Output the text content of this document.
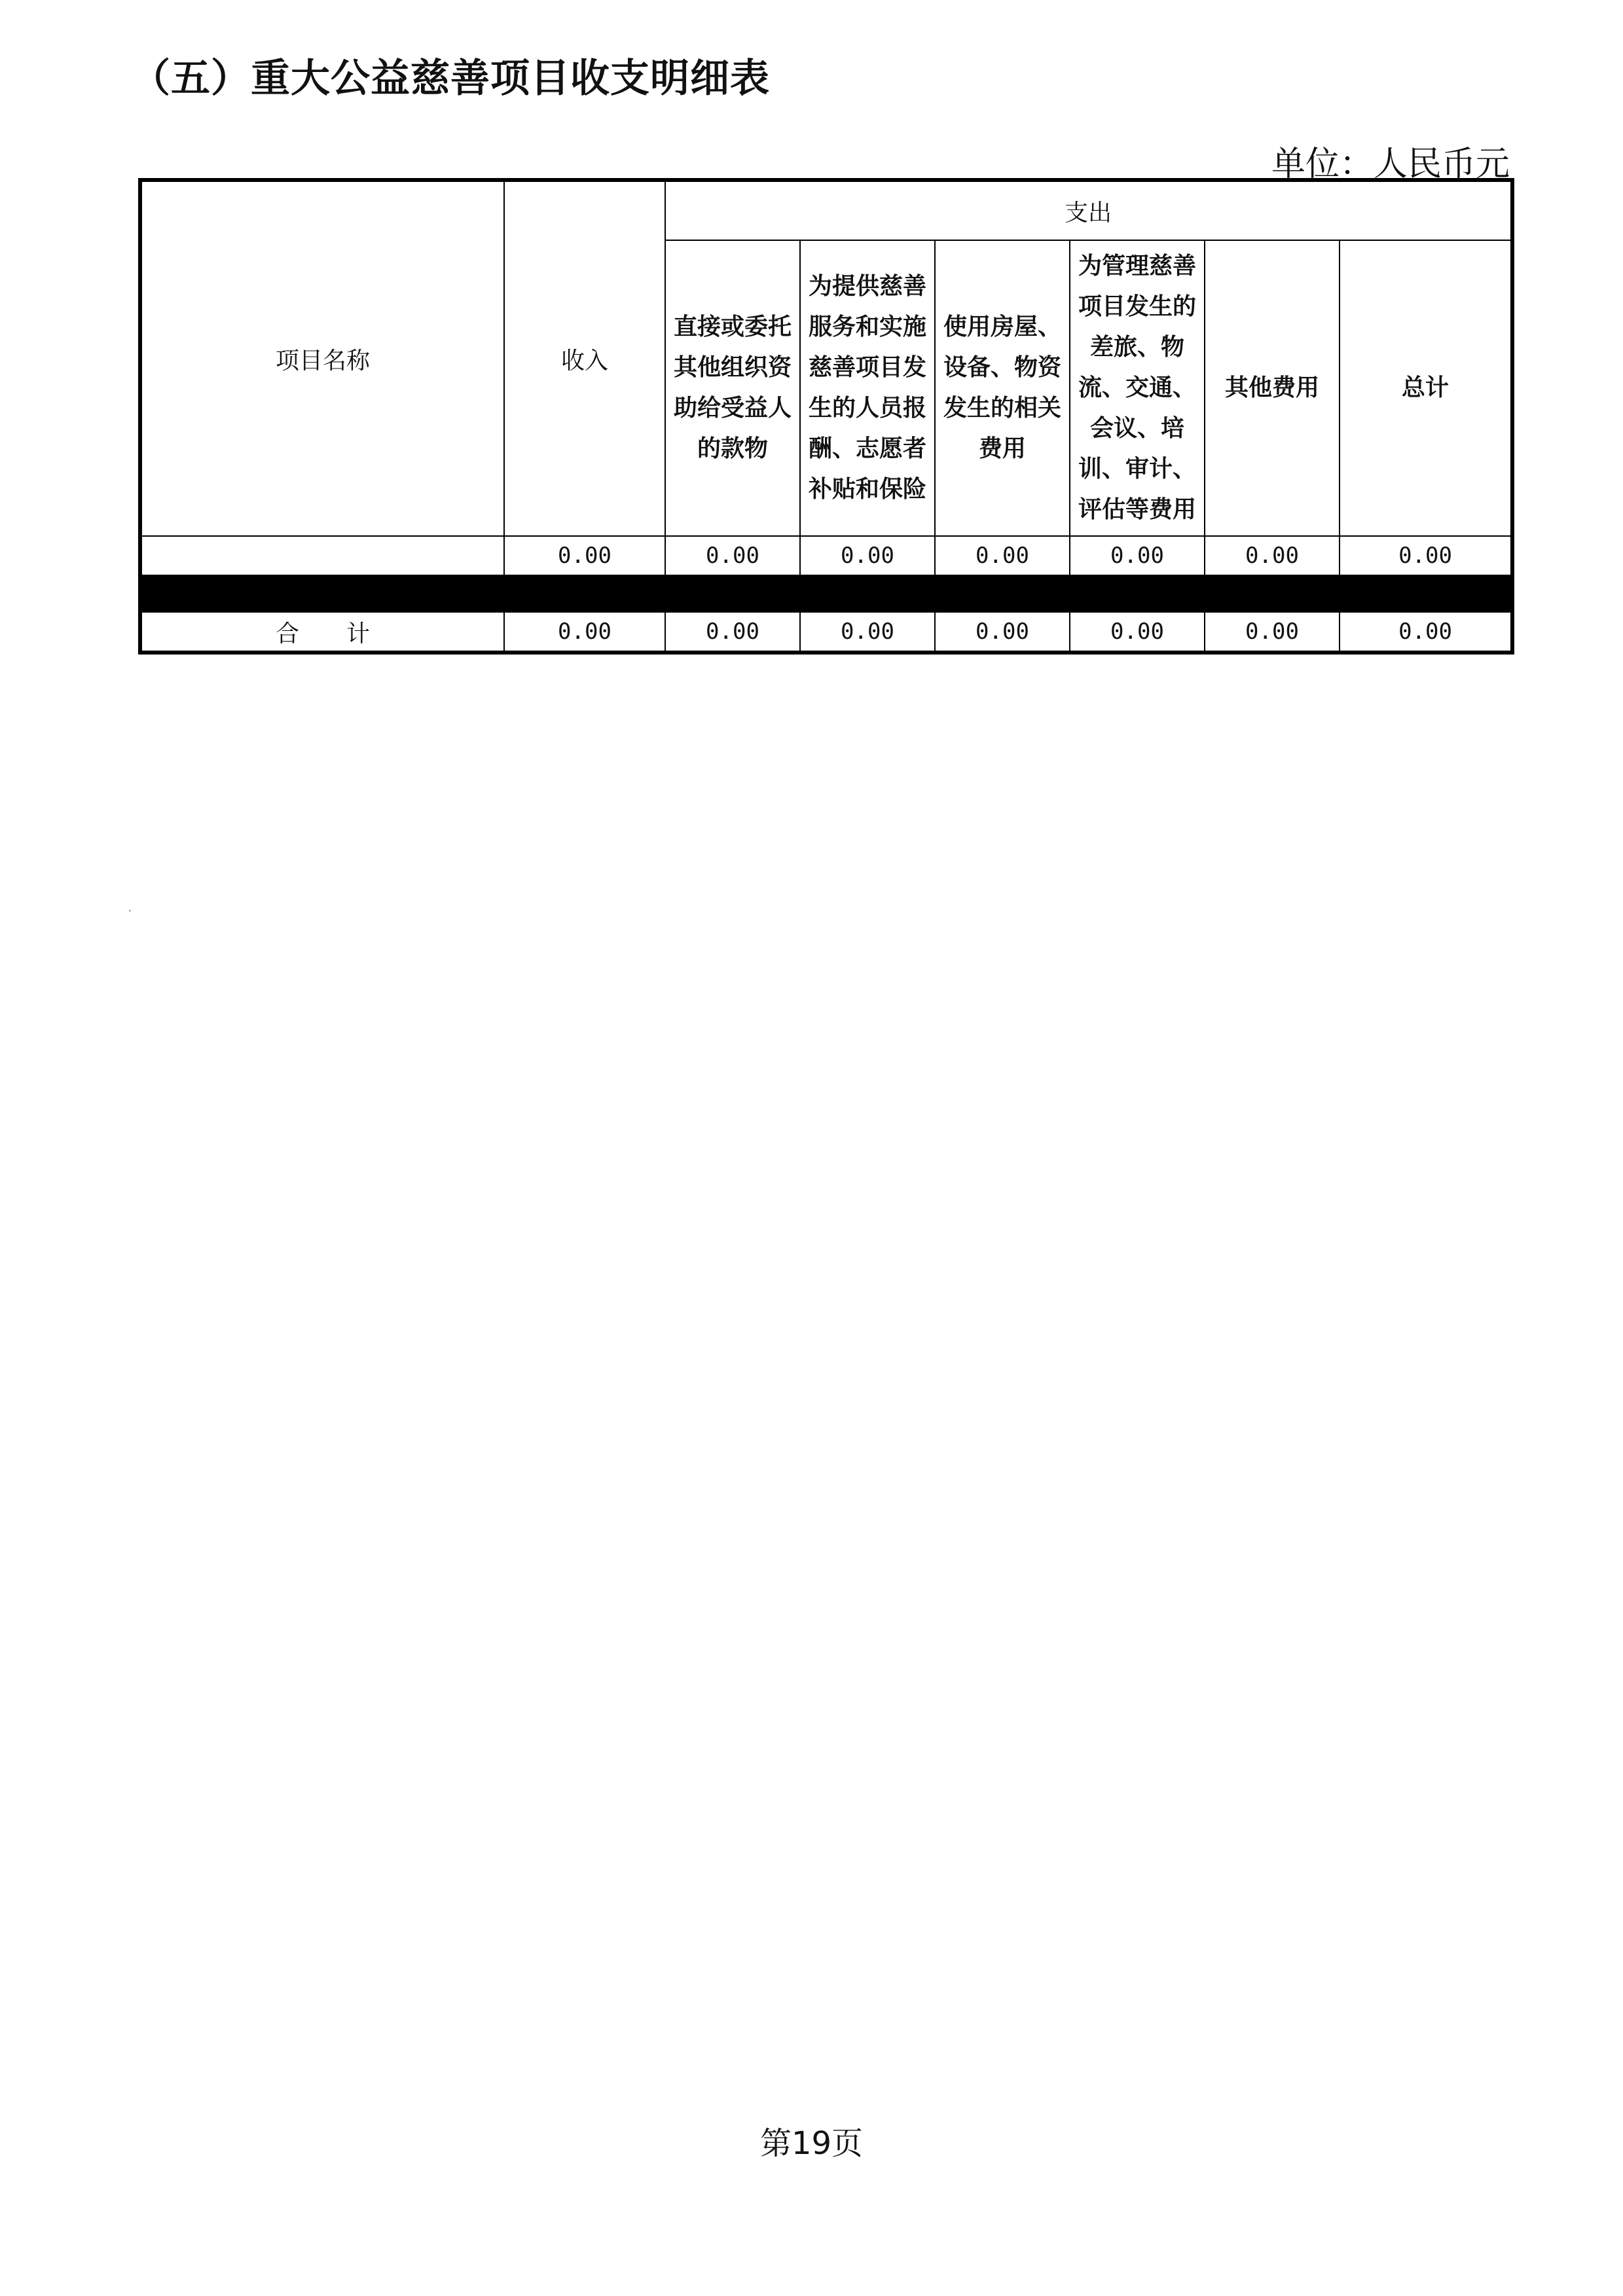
（五）重大公益慈善项目收支明细表
单位：人民币元
项目名称	收入	支出					
		直接或委托其他组织资助给受益人的款物	为提供慈善服务和实施慈善项目发生的人员报酬、志愿者补贴和保险	使用房屋、设备、物资发生的相关费用	为管理慈善项目发生的差旅、物流、交通、会议、培训、审计、评估等费用	其他费用	总计
	0.00	0.00	0.00	0.00	0.00	0.00	0.00

合计	0.00	0.00	0.00	0.00	0.00	0.00	0.00
第19页
